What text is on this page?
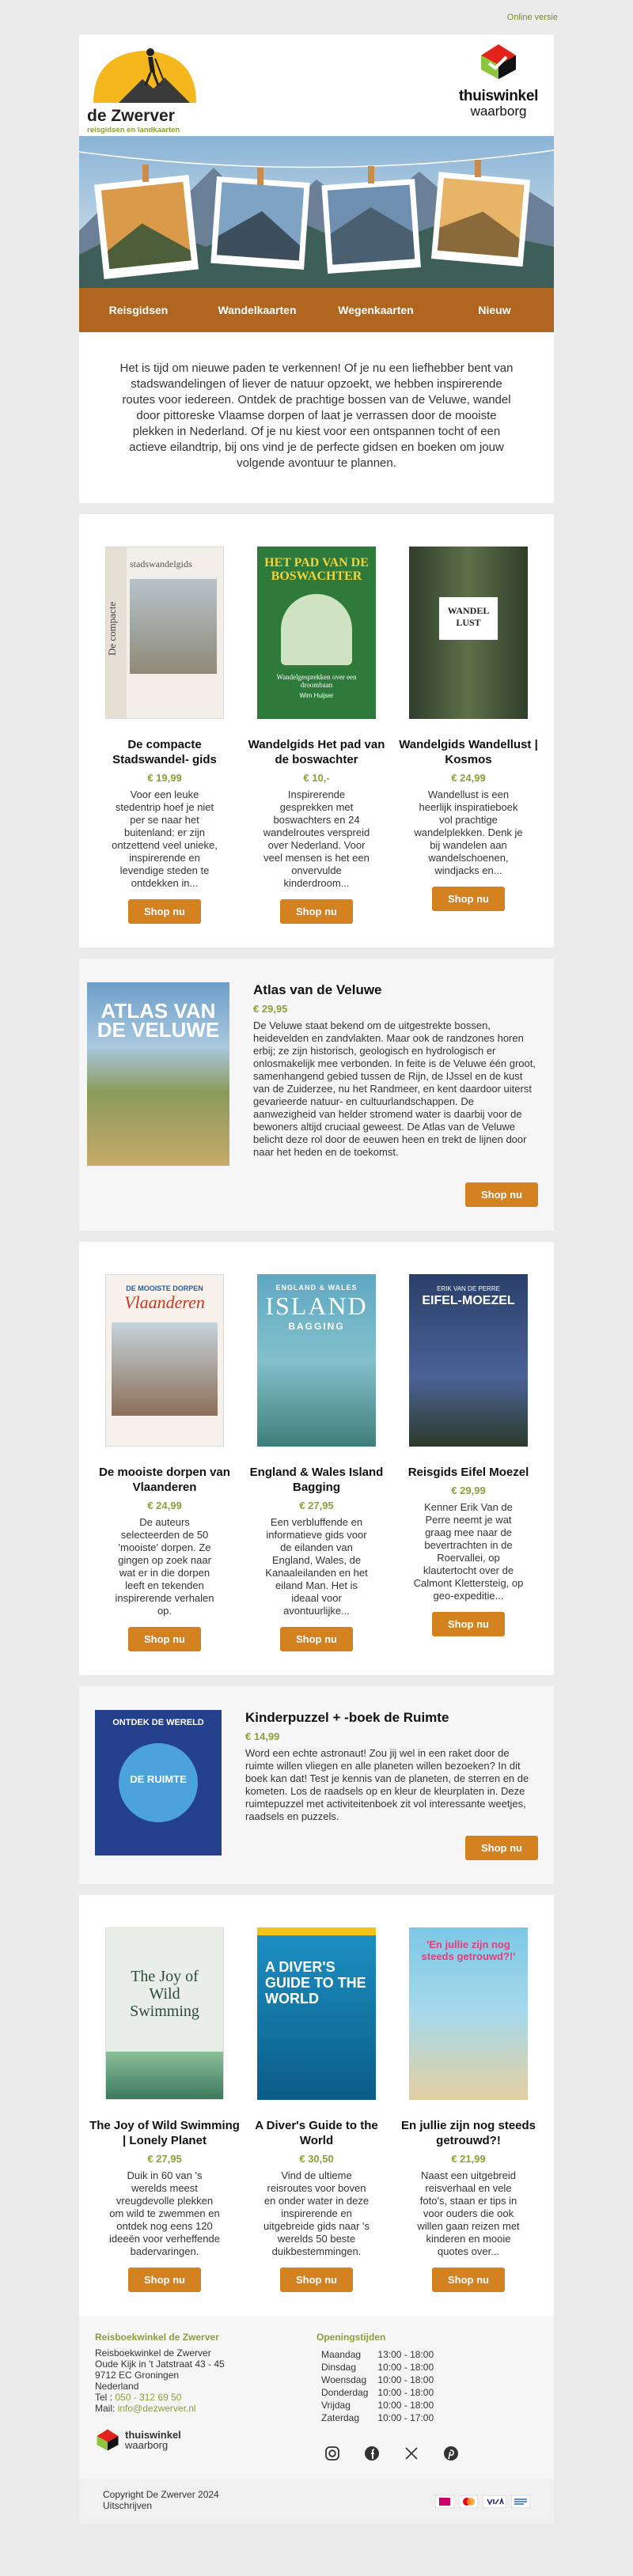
Online versie
de Zwerver
reisgidsen en landkaarten
thuiswinkel
waarborg
Reisgidsen	Wandelkaarten	Wegenkaarten	Nieuw
Het is tijd om nieuwe paden te verkennen! Of je nu een liefhebber bent van stadswandelingen of liever de natuur opzoekt, we hebben inspirerende routes voor iedereen. Ontdek de prachtige bossen van de Veluwe, wandel door pittoreske Vlaamse dorpen of laat je verrassen door de mooiste plekken in Nederland. Of je nu kiest voor een ontspannen tocht of een actieve eilandtrip, bij ons vind je de perfecte gidsen en boeken om jouw volgende avontuur te plannen.
De compacte
stadswandelgids
De compacte Stadswandel- gids
€ 19,99
Voor een leuke stedentrip hoef je niet per se naar het buitenland: er zijn ontzettend veel unieke, inspirerende en levendige steden te ontdekken in...
Shop nu
HET PAD VAN DE BOSWACHTER
Wandelgesprekken over een droombaan
Wim Huijser
Wandelgids Het pad van de boswachter
€ 10,-
Inspirerende gesprekken met boswachters en 24 wandelroutes verspreid over Nederland. Voor veel mensen is het een onvervulde kinderdroom...
Shop nu
WANDEL LUST
Wandelgids Wandellust | Kosmos
€ 24,99
Wandellust is een heerlijk inspiratieboek vol prachtige wandelplekken. Denk je bij wandelen aan wandelschoenen, windjacks en...
Shop nu
ATLAS VAN DE VELUWE
Atlas van de Veluwe
€ 29,95
De Veluwe staat bekend om de uitgestrekte bossen, heidevelden en zandvlakten. Maar ook de randzones horen erbij; ze zijn historisch, geologisch en hydrologisch er onlosmakelijk mee verbonden. In feite is de Veluwe één groot, samenhangend gebied tussen de Rijn, de IJssel en de kust van de Zuiderzee, nu het Randmeer, en kent daardoor uiterst gevarieerde natuur- en cultuurlandschappen. De aanwezigheid van helder stromend water is daarbij voor de bewoners altijd cruciaal geweest. De Atlas van de Veluwe belicht deze rol door de eeuwen heen en trekt de lijnen door naar het heden en de toekomst.
Shop nu
DE MOOISTE DORPEN
Vlaanderen
De mooiste dorpen van Vlaanderen
€ 24,99
De auteurs selecteerden de 50 'mooiste' dorpen. Ze gingen op zoek naar wat er in die dorpen leeft en tekenden inspirerende verhalen op.
Shop nu
ENGLAND & WALES
ISLAND
BAGGING
England & Wales Island Bagging
€ 27,95
Een verbluffende en informatieve gids voor de eilanden van England, Wales, de Kanaaleilanden en het eiland Man. Het is ideaal voor avontuurlijke...
Shop nu
ERIK VAN DE PERRE
EIFEL-MOEZEL
Reisgids Eifel Moezel
€ 29,99
Kenner Erik Van de Perre neemt je wat graag mee naar de bevertrachten in de Roervallei, op klautertocht over de Calmont Klettersteig, op geo-expeditie...
Shop nu
ONTDEK DE WERELD
DE RUIMTE
Kinderpuzzel + -boek de Ruimte
€ 14,99
Word een echte astronaut! Zou jij wel in een raket door de ruimte willen vliegen en alle planeten willen bezoeken? In dit boek kan dat! Test je kennis van de planeten, de sterren en de kometen. Los de raadsels op en kleur de kleurplaten in. Deze ruimtepuzzel met activiteitenboek zit vol interessante weetjes, raadsels en puzzels.
Shop nu
The Joy of Wild Swimming
The Joy of Wild Swimming | Lonely Planet
€ 27,95
Duik in 60 van 's werelds meest vreugdevolle plekken om wild te zwemmen en ontdek nog eens 120 ideeën voor verheffende badervaringen.
Shop nu
A DIVER'S GUIDE TO THE WORLD
A Diver's Guide to the World
€ 30,50
Vind de ultieme reisroutes voor boven en onder water in deze inspirerende en uitgebreide gids naar 's werelds 50 beste duikbestemmingen.
Shop nu
'En jullie zijn nog steeds getrouwd?!'
En jullie zijn nog steeds getrouwd?!
€ 21,99
Naast een uitgebreid reisverhaal en vele foto's, staan er tips in voor ouders die ook willen gaan reizen met kinderen en mooie quotes over...
Shop nu
Reisboekwinkel de Zwerver
Reisboekwinkel de Zwerver
Oude Kijk in 't Jatstraat 43 - 45
9712 EC Groningen
Nederland
Tel : 050 - 312 69 50
Mail: info@dezwerver.nl
thuiswinkel
waarborg
Openingstijden
Maandag	13:00 - 18:00
Dinsdag	10:00 - 18:00
Woensdag	10:00 - 18:00
Donderdag	10:00 - 18:00
Vrijdag	10:00 - 18:00
Zaterdag	10:00 - 17:00
Copyright De Zwerver 2024
Uitschrijven
